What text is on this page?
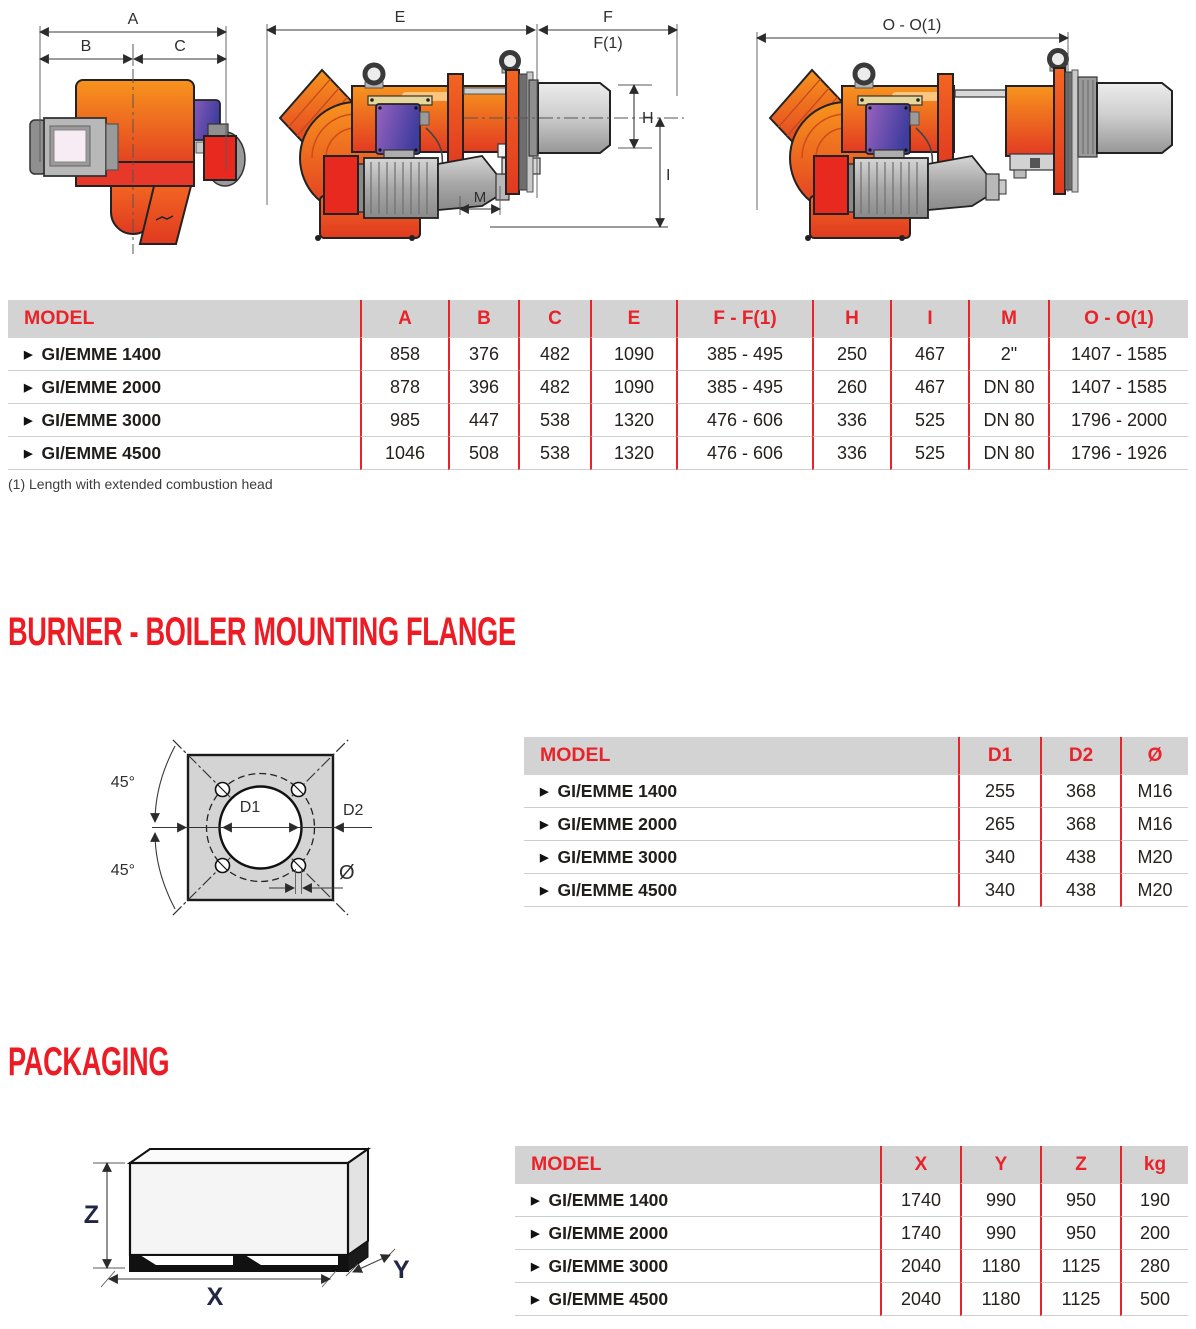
A
B	C
E	F
F(1)
H
I
M
O - O(1)
MODEL	A	B	C	E	F - F(1)	H	I	M	O - O(1)
▶ GI/EMME 1400	858	376	482	1090	385 - 495	250	467	2"	1407 - 1585
▶ GI/EMME 2000	878	396	482	1090	385 - 495	260	467	DN 80	1407 - 1585
▶ GI/EMME 3000	985	447	538	1320	476 - 606	336	525	DN 80	1796 - 2000
▶ GI/EMME 4500	1046	508	538	1320	476 - 606	336	525	DN 80	1796 - 1926
(1) Length with extended combustion head
BURNER - BOILER MOUNTING FLANGE
45°
45°
D1	D2
Ø
MODEL	D1	D2	Ø
▶ GI/EMME 1400	255	368	M16
▶ GI/EMME 2000	265	368	M16
▶ GI/EMME 3000	340	438	M20
▶ GI/EMME 4500	340	438	M20
PACKAGING
Z
X
Y
MODEL	X	Y	Z	kg
▶ GI/EMME 1400	1740	990	950	190
▶ GI/EMME 2000	1740	990	950	200
▶ GI/EMME 3000	2040	1180	1125	280
▶ GI/EMME 4500	2040	1180	1125	500
